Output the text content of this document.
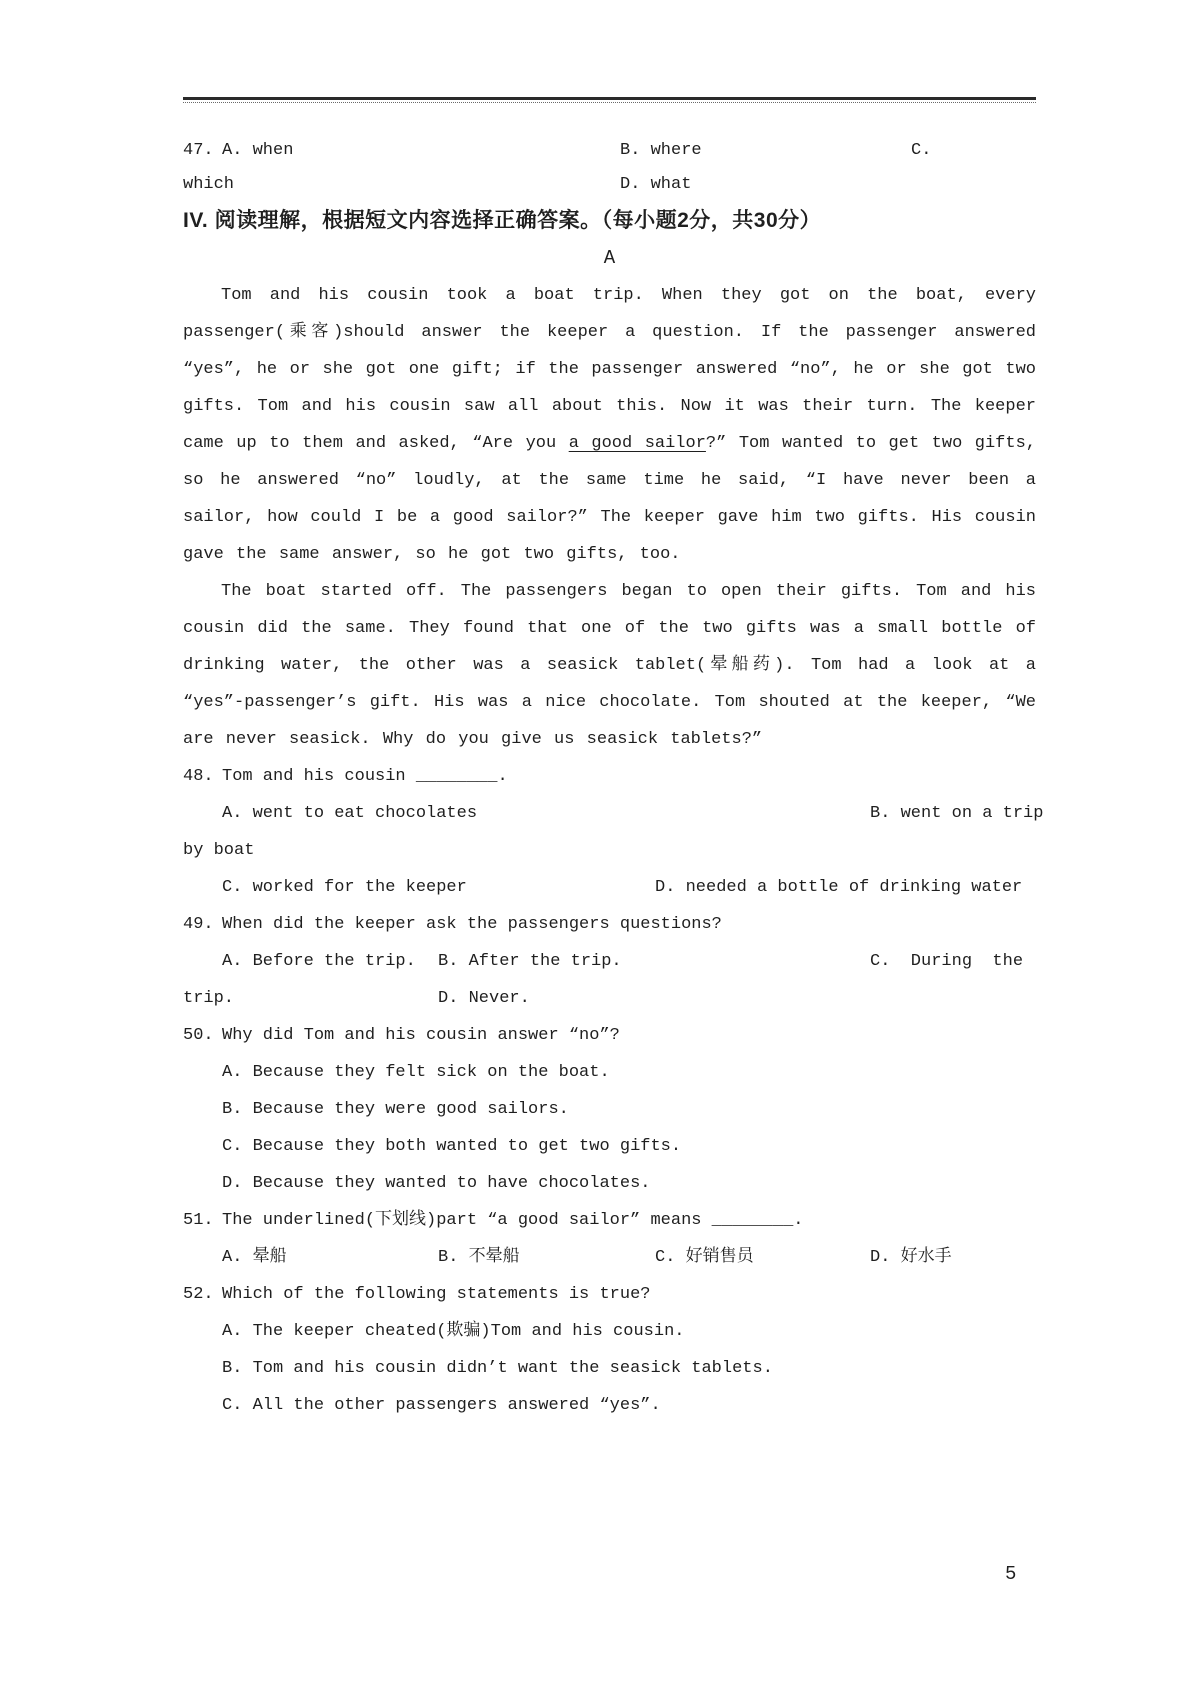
47.

A. when

	B. where

	C.

which

	D. what

IV. 阅读理解，根据短文内容选择正确答案。（每小题2分，共30分）
A

Tom and his cousin took a boat trip. When they got on the boat, every passenger(乘客)should answer the keeper a question. If the passenger answered “yes”, he or she got one gift; if the passenger answered “no”, he or she got two gifts. Tom and his cousin saw all about this. Now it was their turn. The keeper came up to them and asked, “Are you a good sailor?” Tom wanted to get two gifts, so he answered “no” loudly, at the same time he said, “I have never been a sailor, how could I be a good sailor?” The keeper gave him two gifts. His cousin gave the same answer, so he got two gifts, too.

The boat started off. The passengers began to open their gifts. Tom and his cousin did the same. They found that one of the two gifts was a small bottle of drinking water, the other was a seasick tablet(晕船药). Tom had a look at a “yes”-passenger’s gift. His was a nice chocolate. Tom shouted at the keeper, “We are never seasick. Why do you give us seasick tablets?”

48.

Tom and his cousin ________.

A. went to eat chocolates

	B. went on a trip

by boat

C. worked for the keeper

	D. needed a bottle of drinking water

49.

When did the keeper ask the passengers questions?

A. Before the trip.

B. After the trip.

	C.  During  the

trip.

	D. Never.

50.

Why did Tom and his cousin answer “no”?

A. Because they felt sick on the boat.

B. Because they were good sailors.

C. Because they both wanted to get two gifts.

D. Because they wanted to have chocolates.

51.

The underlined(下划线)part “a good sailor” means ________.

A. 晕船

	B. 不晕船

	C. 好销售员

	D. 好水手

52.

Which of the following statements is true?

A. The keeper cheated(欺骗)Tom and his cousin.

B. Tom and his cousin didn’t want the seasick tablets.

C. All the other passengers answered “yes”.

5
